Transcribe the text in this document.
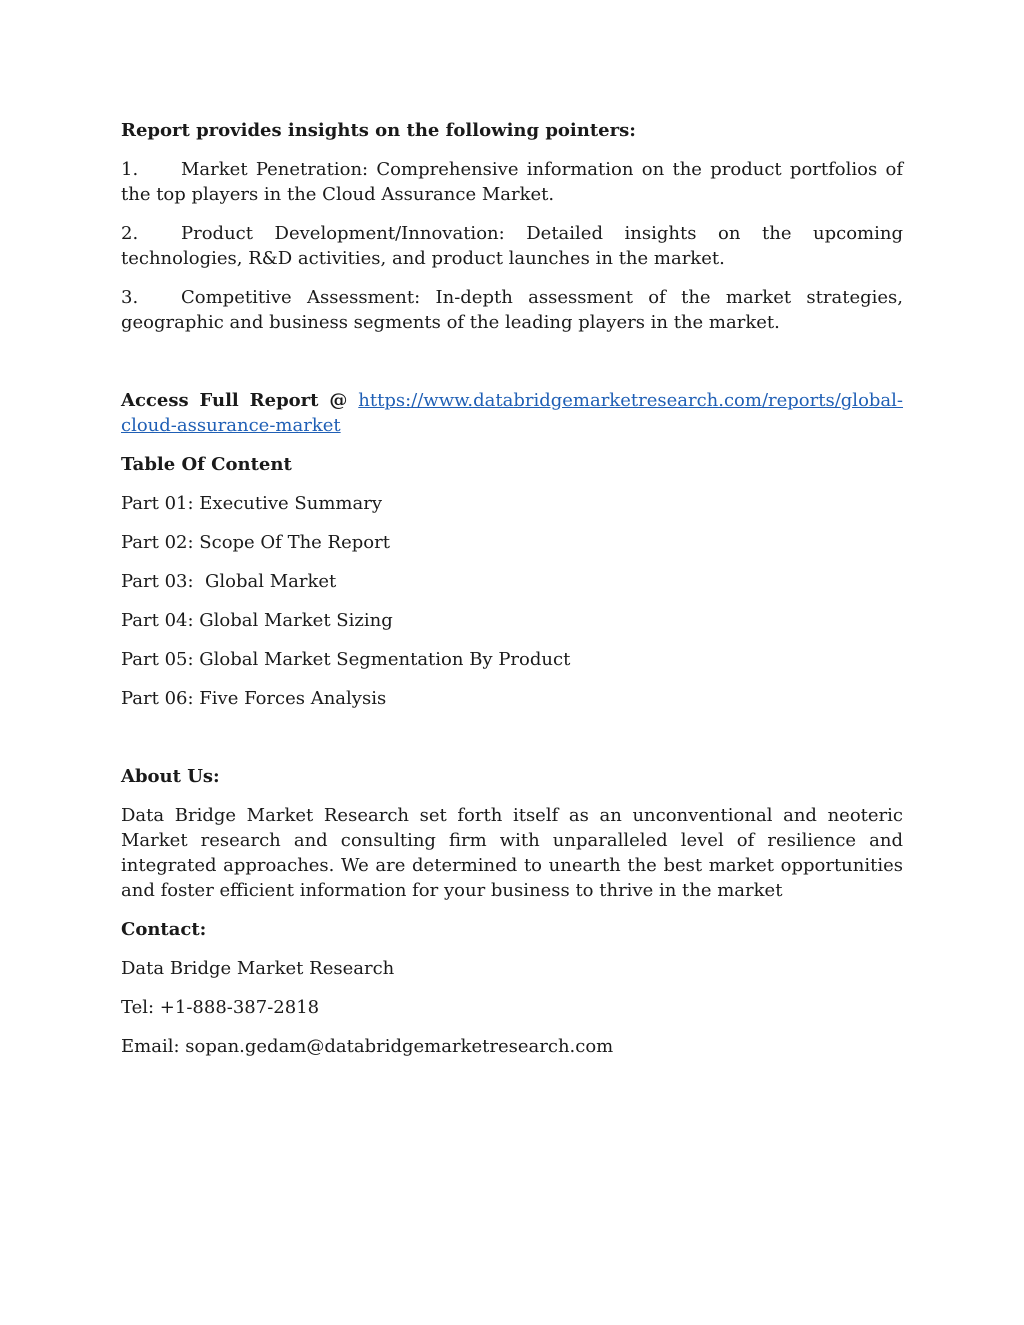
Report provides insights on the following pointers:

1. Market Penetration: Comprehensive information on the product portfolios of the top players in the Cloud Assurance Market.

2. Product Development/Innovation: Detailed insights on the upcoming technologies, R&D activities, and product launches in the market.

3. Competitive Assessment: In-depth assessment of the market strategies, geographic and business segments of the leading players in the market.

Access Full Report @ https://www.databridgemarketresearch.com/reports/global-cloud-assurance-market

Table Of Content

Part 01: Executive Summary

Part 02: Scope Of The Report

Part 03:  Global Market

Part 04: Global Market Sizing

Part 05: Global Market Segmentation By Product

Part 06: Five Forces Analysis

About Us:

Data Bridge Market Research set forth itself as an unconventional and neoteric Market research and consulting firm with unparalleled level of resilience and integrated approaches. We are determined to unearth the best market opportunities and foster efficient information for your business to thrive in the market

Contact:

Data Bridge Market Research

Tel: +1-888-387-2818

Email: sopan.gedam@databridgemarketresearch.com
